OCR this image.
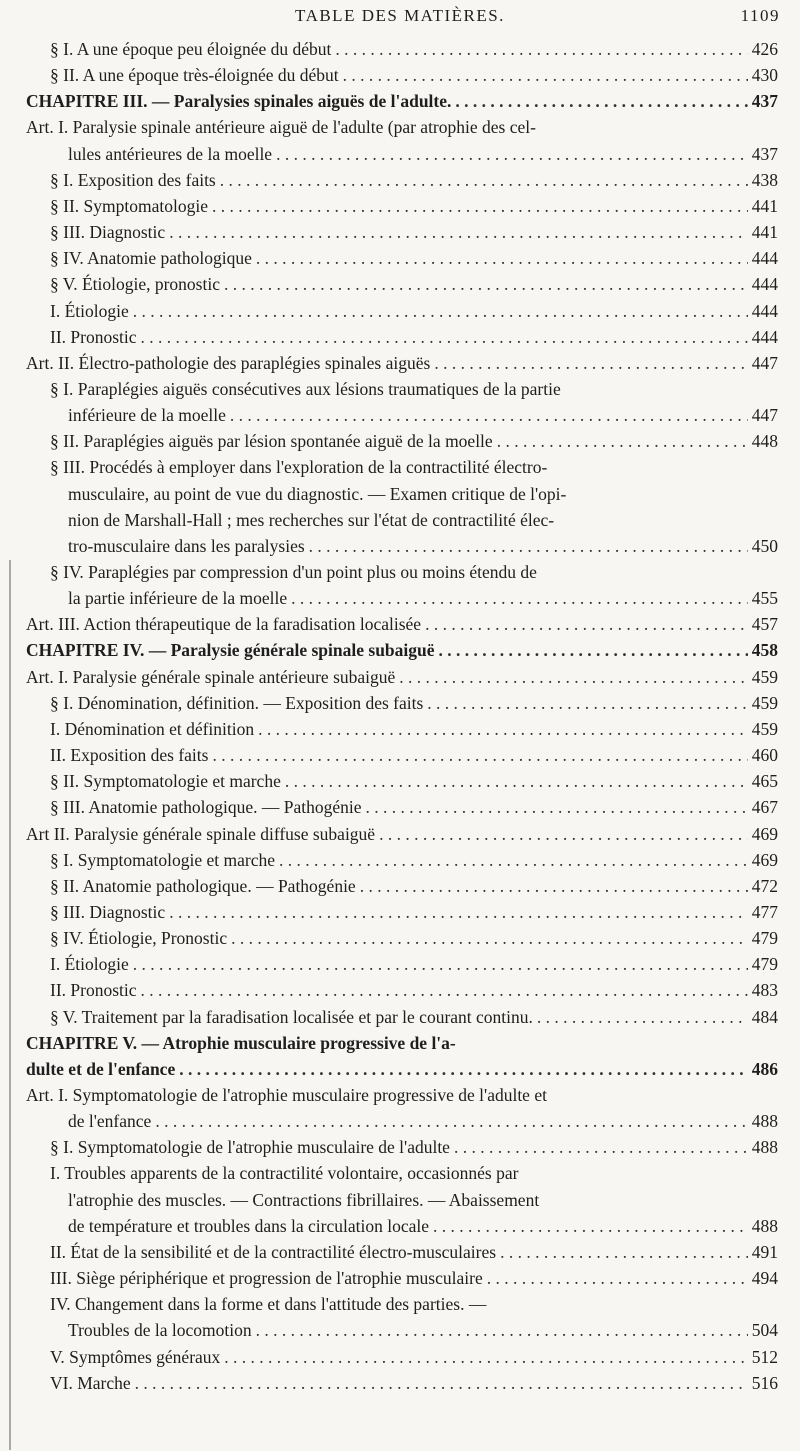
TABLE DES MATIÈRES.	1109
§ I. A une époque peu éloignée du début . . .	426
§ II. A une époque très-éloignée du début . . .	430
CHAPITRE III. — Paralysies spinales aiguës de l'adulte. . . .	437
Art. I. Paralysie spinale antérieure aiguë de l'adulte (par atrophie des cel-
lules antérieures de la moelle . . .	437
§ I. Exposition des faits . . .	438
§ II. Symptomatologie . . .	441
§ III. Diagnostic . . .	441
§ IV. Anatomie pathologique . . .	444
§ V. Étiologie, pronostic . . .	444
I. Étiologie . . .	444
II. Pronostic . . .	444
Art. II. Électro-pathologie des paraplégies spinales aiguës . . .	447
§ I. Paraplégies aiguës consécutives aux lésions traumatiques de la partie
inférieure de la moelle . . .	447
§ II. Paraplégies aiguës par lésion spontanée aiguë de la moelle . . .	448
§ III. Procédés à employer dans l'exploration de la contractilité électro-
musculaire, au point de vue du diagnostic. — Examen critique de l'opi-
nion de Marshall-Hall ; mes recherches sur l'état de contractilité élec-
tro-musculaire dans les paralysies . . .	450
§ IV. Paraplégies par compression d'un point plus ou moins étendu de
la partie inférieure de la moelle . . .	455
Art. III. Action thérapeutique de la faradisation localisée . . .	457
CHAPITRE IV. — Paralysie générale spinale subaiguë . . .	458
Art. I. Paralysie générale spinale antérieure subaiguë . . .	459
§ I. Dénomination, définition. — Exposition des faits . . .	459
I. Dénomination et définition . . .	459
II. Exposition des faits . . .	460
§ II. Symptomatologie et marche . . .	465
§ III. Anatomie pathologique. — Pathogénie . . .	467
Art II. Paralysie générale spinale diffuse subaiguë . . .	469
§ I. Symptomatologie et marche . . .	469
§ II. Anatomie pathologique. — Pathogénie . . .	472
§ III. Diagnostic . . .	477
§ IV. Étiologie, Pronostic . . .	479
I. Étiologie . . .	479
II. Pronostic . . .	483
§ V. Traitement par la faradisation localisée et par le courant continu. . . .	484
CHAPITRE V. — Atrophie musculaire progressive de l'a-
dulte et de l'enfance . . .	486
Art. I. Symptomatologie de l'atrophie musculaire progressive de l'adulte et
de l'enfance . . .	488
§ I. Symptomatologie de l'atrophie musculaire de l'adulte . . .	488
I. Troubles apparents de la contractilité volontaire, occasionnés par
l'atrophie des muscles. — Contractions fibrillaires. — Abaissement
de température et troubles dans la circulation locale . . .	488
II. État de la sensibilité et de la contractilité électro-musculaires . . .	491
III. Siège périphérique et progression de l'atrophie musculaire . . .	494
IV. Changement dans la forme et dans l'attitude des parties. —
Troubles de la locomotion . . .	504
V. Symptômes généraux . . .	512
VI. Marche . . .	516
